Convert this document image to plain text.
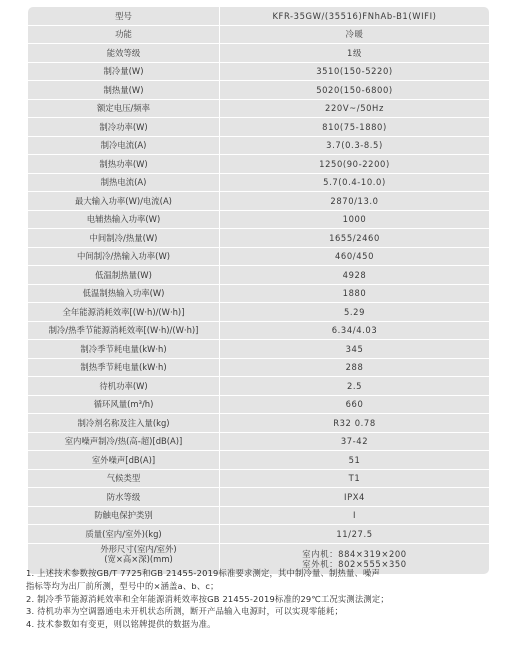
型号	KFR-35GW/(35516)FNhAb-B1(WIFI)
功能	冷暖
能效等级	1级
制冷量(W)	3510(150-5220)
制热量(W)	5020(150-6800)
额定电压/频率	220V~/50Hz
制冷功率(W)	810(75-1880)
制冷电流(A)	3.7(0.3-8.5)
制热功率(W)	1250(90-2200)
制热电流(A)	5.7(0.4-10.0)
最大输入功率(W)/电流(A)	2870/13.0
电辅热输入功率(W)	1000
中间制冷/热量(W)	1655/2460
中间制冷/热输入功率(W)	460/450
低温制热量(W)	4928
低温制热输入功率(W)	1880
全年能源消耗效率[(W·h)/(W·h)]	5.29
制冷/热季节能源消耗效率[(W·h)/(W·h)]	6.34/4.03
制冷季节耗电量(kW·h)	345
制热季节耗电量(kW·h)	288
待机功率(W)	2.5
循环风量(m³/h)	660
制冷剂名称及注入量(kg)	R32 0.78
室内噪声制冷/热(高-超)[dB(A)]	37-42
室外噪声[dB(A)]	51
气候类型	T1
防水等级	IPX4
防触电保护类别	I
质量(室内/室外)(kg)	11/27.5
外形尺寸(室内/室外)
(宽×高×深)(mm)	室内机：884×319×200
室外机：802×555×350
1. 上述技术参数按GB/T 7725和GB 21455-2019标准要求测定，其中制冷量、制热量、噪声
指标等均为出厂前所测，型号中的×涵盖a、b、c；
2. 制冷季节能源消耗效率和全年能源消耗效率按GB 21455-2019标准的29℃工况实测法测定；
3. 待机功率为空调器通电未开机状态所测，断开产品输入电源时，可以实现零能耗；
4. 技术参数如有变更，则以铭牌提供的数据为准。
